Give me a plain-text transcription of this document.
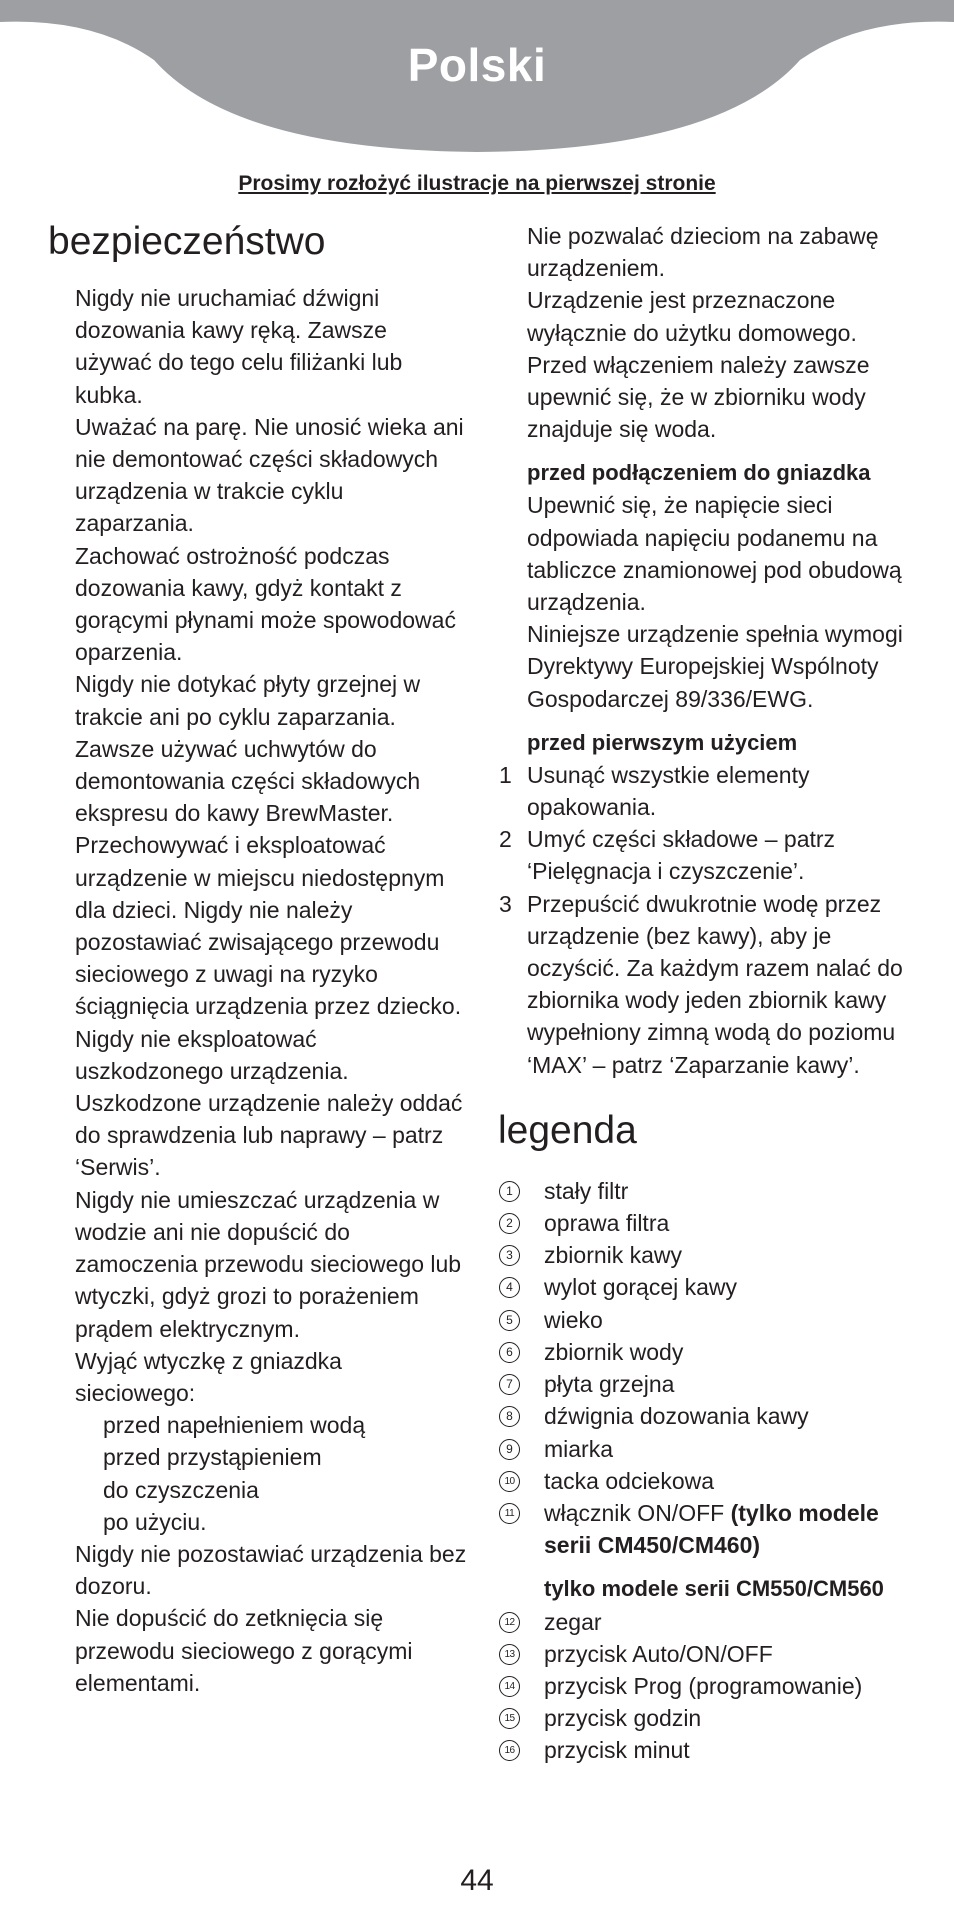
Polski
Prosimy rozłożyć ilustracje na pierwszej stronie
bezpieczeństwo

Nigdy nie uruchamiać dźwigni dozowania kawy ręką. Zawsze używać do tego celu filiżanki lub kubka.

Uważać na parę. Nie unosić wieka ani nie demontować części składowych urządzenia w trakcie cyklu zaparzania.

Zachować ostrożność podczas dozowania kawy, gdyż kontakt z gorącymi płynami może spowodować oparzenia.

Nigdy nie dotykać płyty grzejnej w trakcie ani po cyklu zaparzania.

Zawsze używać uchwytów do demontowania części składowych ekspresu do kawy BrewMaster.

Przechowywać i eksploatować urządzenie w miejscu niedostępnym dla dzieci. Nigdy nie należy pozostawiać zwisającego przewodu sieciowego z uwagi na ryzyko ściągnięcia urządzenia przez dziecko.

Nigdy nie eksploatować uszkodzonego urządzenia. Uszkodzone urządzenie należy oddać do sprawdzenia lub naprawy – patrz ‘Serwis’.

Nigdy nie umieszczać urządzenia w wodzie ani nie dopuścić do zamoczenia przewodu sieciowego lub wtyczki, gdyż grozi to porażeniem prądem elektrycznym.

Wyjąć wtyczkę z gniazdka sieciowego:

przed napełnieniem wodą

przed przystąpieniem do czyszczenia

po użyciu.

Nigdy nie pozostawiać urządzenia bez dozoru.

Nie dopuścić do zetknięcia się przewodu sieciowego z gorącymi elementami.

Nie pozwalać dzieciom na zabawę urządzeniem.

Urządzenie jest przeznaczone wyłącznie do użytku domowego.

Przed włączeniem należy zawsze upewnić się, że w zbiorniku wody znajduje się woda.

przed podłączeniem do gniazdka

Upewnić się, że napięcie sieci odpowiada napięciu podanemu na tabliczce znamionowej pod obudową urządzenia.

Niniejsze urządzenie spełnia wymogi Dyrektywy Europejskiej Wspólnoty Gospodarczej 89/336/EWG.

przed pierwszym użyciem
1 Usunąć wszystkie elementy opakowania.
2 Umyć części składowe – patrz ‘Pielęgnacja i czyszczenie’.
3 Przepuścić dwukrotnie wodę przez urządzenie (bez kawy), aby je oczyścić. Za każdym razem nalać do zbiornika wody jeden zbiornik kawy wypełniony zimną wodą do poziomu ‘MAX’ – patrz ‘Zaparzanie kawy’.
legenda
1	stały filtr
2	oprawa filtra
3	zbiornik kawy
4	wylot gorącej kawy
5	wieko
6	zbiornik wody
7	płyta grzejna
8	dźwignia dozowania kawy
9	miarka
10 tacka odciekowa
11 włącznik ON/OFF (tylko modele serii CM450/CM460)
tylko modele serii CM550/CM560
12 zegar
13 przycisk Auto/ON/OFF
14 przycisk Prog (programowanie)
15 przycisk godzin
16 przycisk minut
44
